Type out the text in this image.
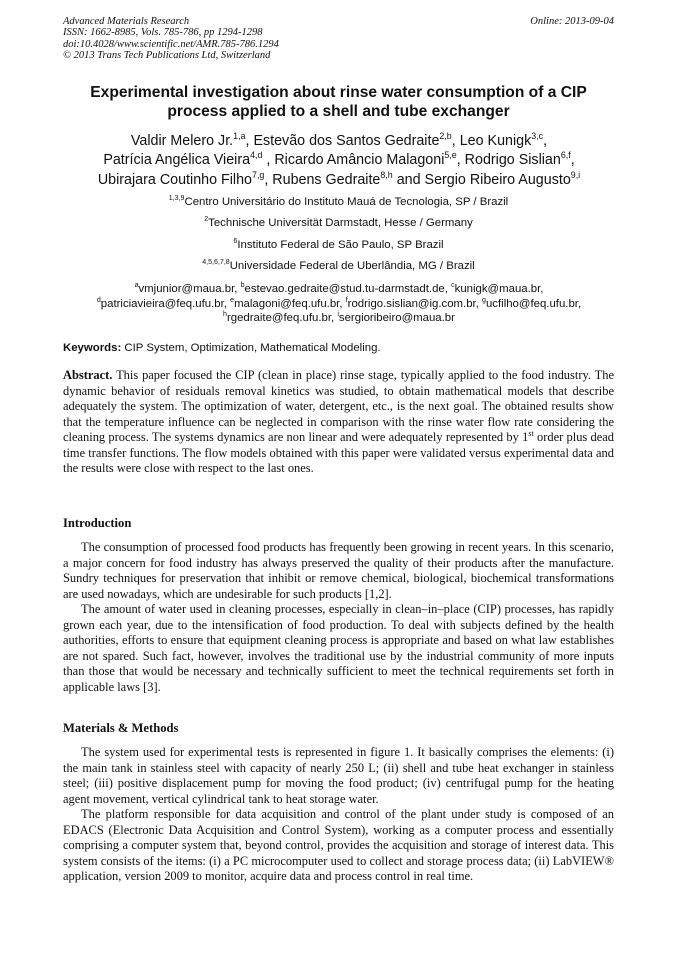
Advanced Materials Research
ISSN: 1662-8985, Vols. 785-786, pp 1294-1298
doi:10.4028/www.scientific.net/AMR.785-786.1294
© 2013 Trans Tech Publications Ltd, Switzerland
Online: 2013-09-04
Experimental investigation about rinse water consumption of a CIP process applied to a shell and tube exchanger
Valdir Melero Jr.$^{1,a}$, Estevão dos Santos Gedraite$^{2,b}$, Leo Kunigk$^{3,c}$,
Patrícia Angélica Vieira$^{4,d}$ , Ricardo Amâncio Malagoni$^{5,e}$, Rodrigo Sislian$^{6,f}$,
Ubirajara Coutinho Filho$^{7,g}$, Rubens Gedraite$^{8,h}$ and Sergio Ribeiro Augusto$^{9,i}$
$^{1,3,9}$Centro Universitário do Instituto Mauá de Tecnologia, SP / Brazil
$^2$Technische Universität Darmstadt, Hesse / Germany
$^6$Instituto Federal de São Paulo, SP Brazil
$^{4,5,6,7,8}$Universidade Federal de Uberlândia, MG / Brazil
$^a$vmjunior@maua.br, $^b$estevao.gedraite@stud.tu-darmstadt.de, $^c$kunigk@maua.br,
$^d$patriciavieira@feq.ufu.br, $^e$malagoni@feq.ufu.br, $^f$rodrigo.sislian@ig.com.br, $^g$ucfilho@feq.ufu.br,
$^h$rgedraite@feq.ufu.br, $^i$sergioribeiro@maua.br
Keywords: CIP System, Optimization, Mathematical Modeling.

Abstract. This paper focused the CIP (clean in place) rinse stage, typically applied to the food industry. The dynamic behavior of residuals removal kinetics was studied, to obtain mathematical models that describe adequately the system. The optimization of water, detergent, etc., is the next goal. The obtained results show that the temperature influence can be neglected in comparison with the rinse water flow rate considering the cleaning process. The systems dynamics are non linear and were adequately represented by 1st order plus dead time transfer functions. The flow models obtained with this paper were validated versus experimental data and the results were close with respect to the last ones.

Introduction

The consumption of processed food products has frequently been growing in recent years. In this scenario, a major concern for food industry has always preserved the quality of their products after the manufacture. Sundry techniques for preservation that inhibit or remove chemical, biological, biochemical transformations are used nowadays, which are undesirable for such products [1,2].

The amount of water used in cleaning processes, especially in clean–in–place (CIP) processes, has rapidly grown each year, due to the intensification of food production. To deal with subjects defined by the health authorities, efforts to ensure that equipment cleaning process is appropriate and based on what law establishes are not spared. Such fact, however, involves the traditional use by the industrial community of more inputs than those that would be necessary and technically sufficient to meet the technical requirements set forth in applicable laws [3].

Materials & Methods

The system used for experimental tests is represented in figure 1. It basically comprises the elements: (i) the main tank in stainless steel with capacity of nearly 250 L; (ii) shell and tube heat exchanger in stainless steel; (iii) positive displacement pump for moving the food product; (iv) centrifugal pump for the heating agent movement, vertical cylindrical tank to heat storage water.

The platform responsible for data acquisition and control of the plant under study is composed of an EDACS (Electronic Data Acquisition and Control System), working as a computer process and essentially comprising a computer system that, beyond control, provides the acquisition and storage of interest data. This system consists of the items: (i) a PC microcomputer used to collect and storage process data; (ii) LabVIEW® application, version 2009 to monitor, acquire data and process control in real time.
